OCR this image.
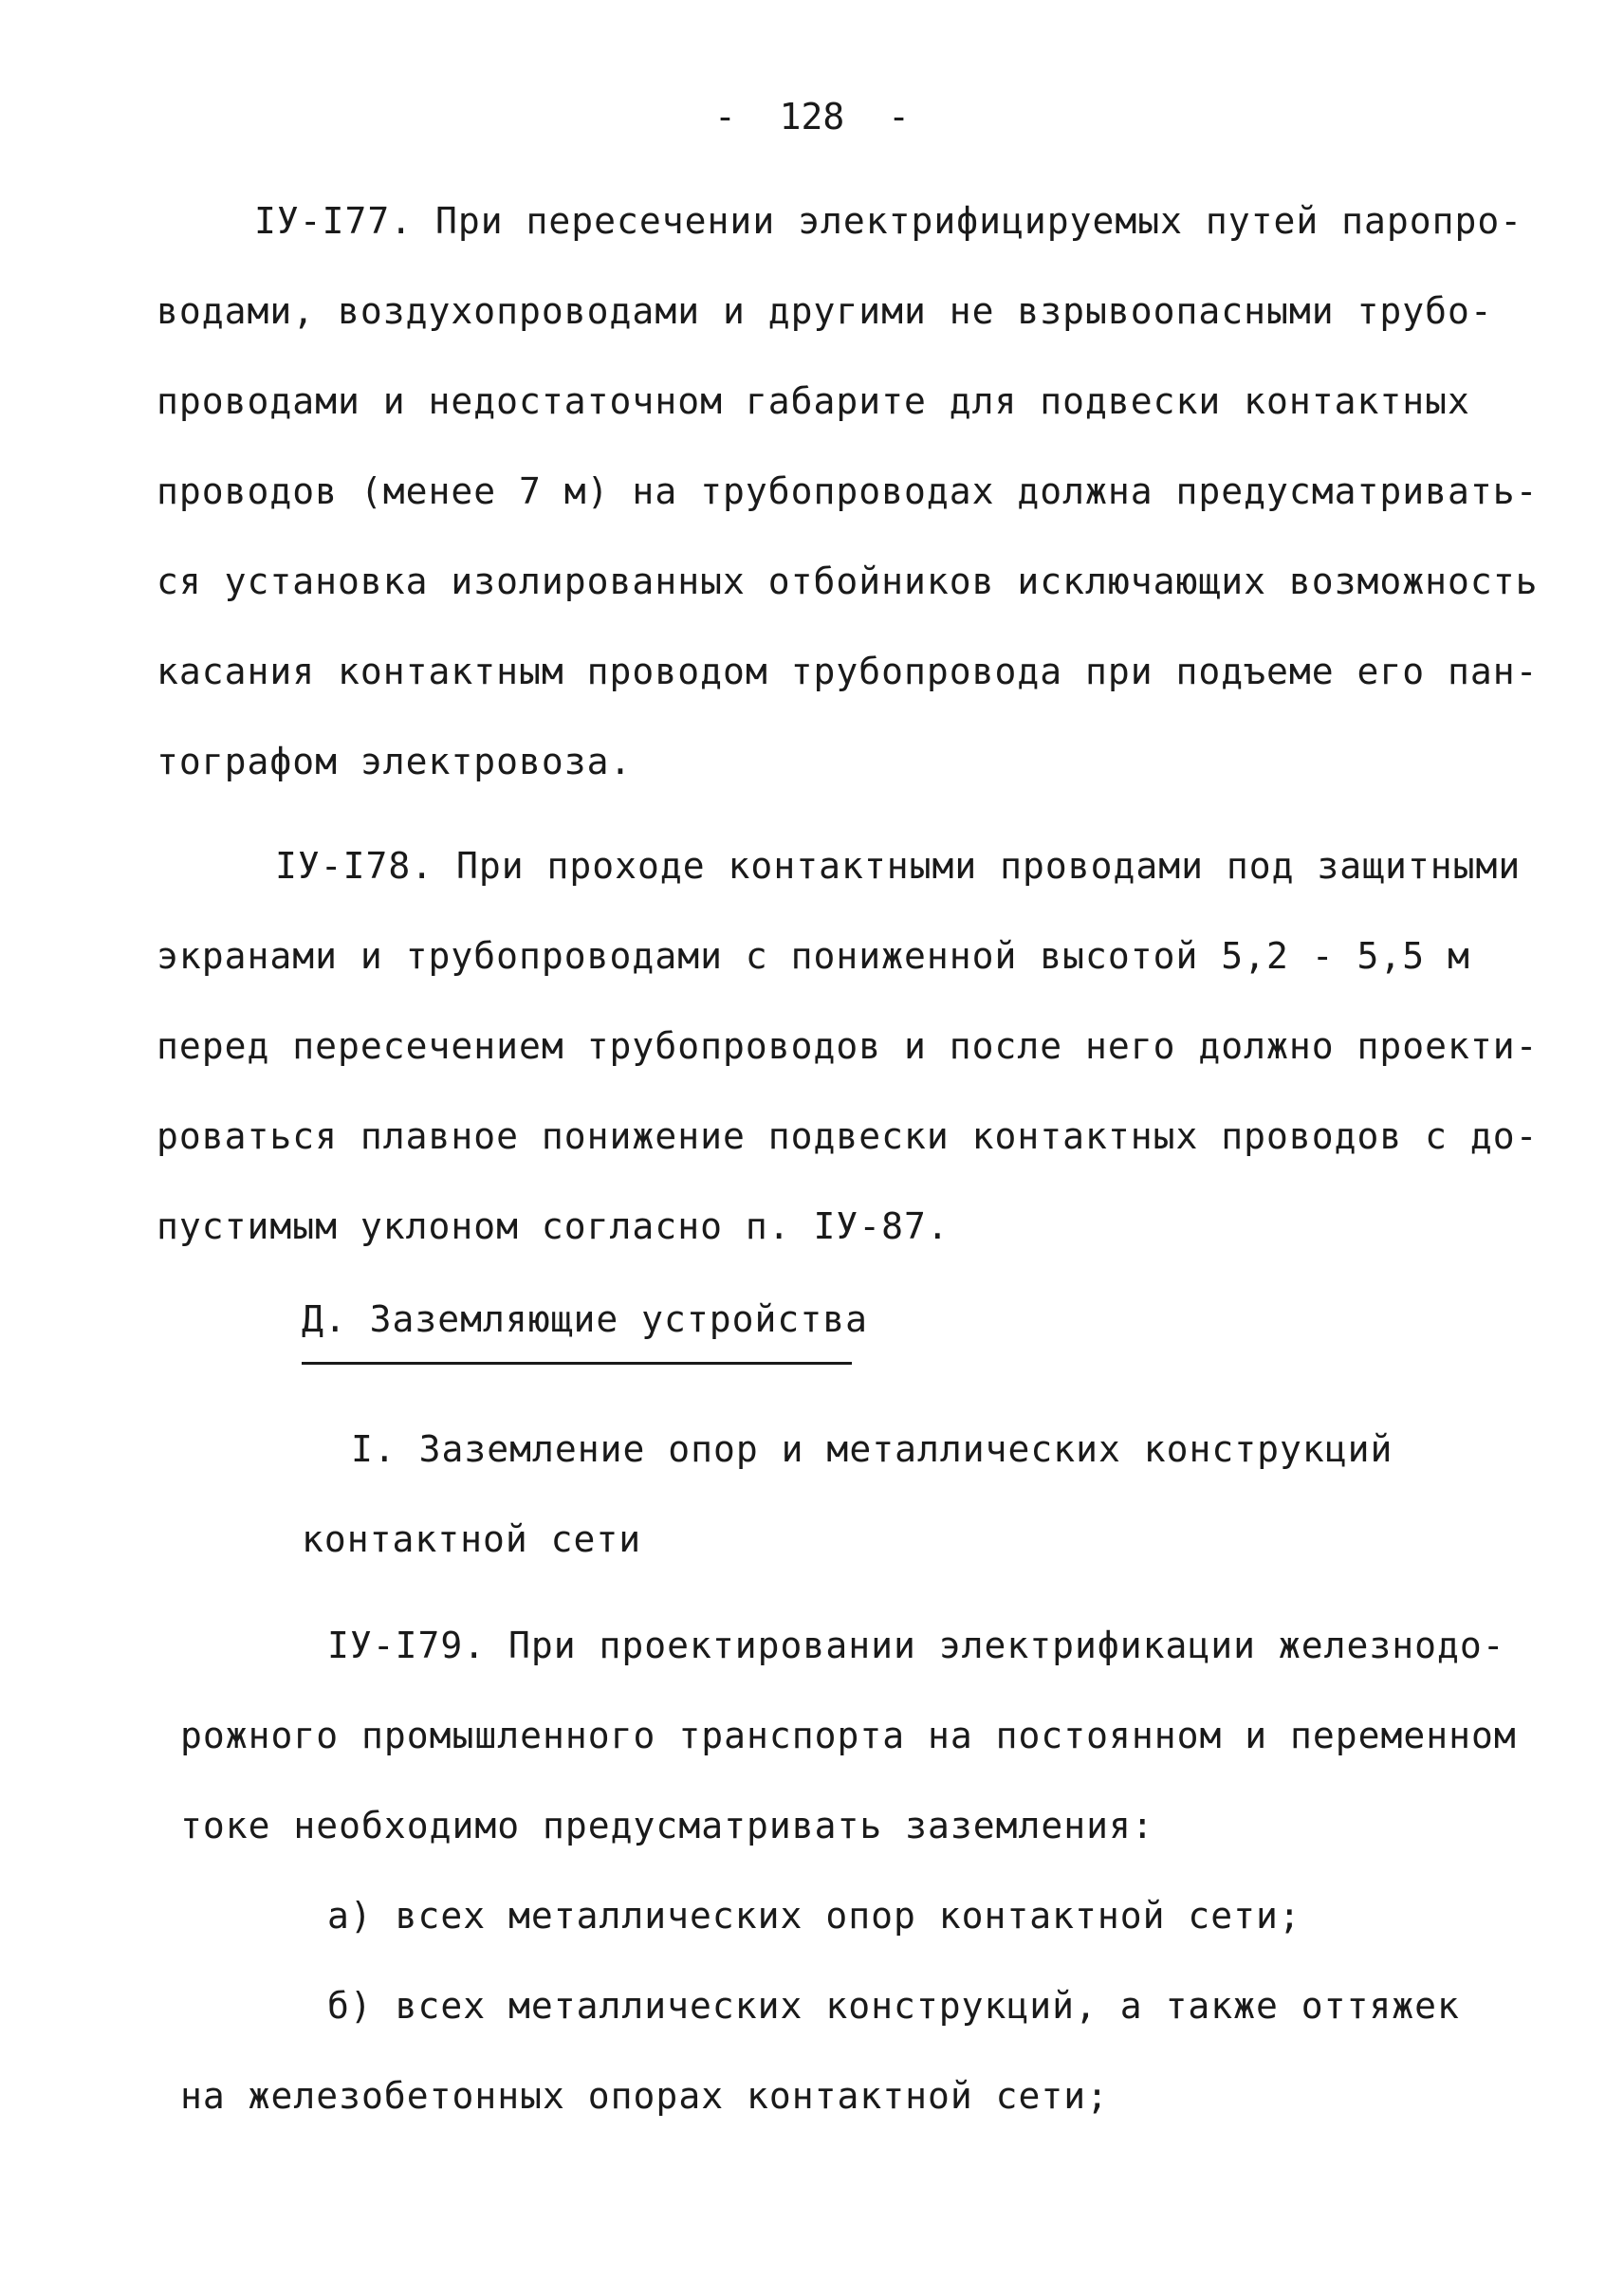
-  128  -
IУ-I77. При пересечении электрифицируемых путей паропро-
водами, воздухопроводами и другими не взрывоопасными трубо-
проводами и недостаточном габарите для подвески контактных
проводов (менее 7 м) на трубопроводах должна предусматривать-
ся установка изолированных отбойников исключающих возможность
касания контактным проводом трубопровода при подъеме его пан-
тографом электровоза.
IУ-I78. При проходе контактными проводами под защитными
экранами и трубопроводами с пониженной высотой 5,2 - 5,5 м
перед пересечением трубопроводов и после него должно проекти-
роваться плавное понижение подвески контактных проводов с до-
пустимым уклоном согласно п. IУ-87.
Д. Заземляющие устройства
I. Заземление опор и металлических конструкций
контактной сети
IУ-I79. При проектировании электрификации железнодо-
рожного промышленного транспорта на постоянном и переменном
токе необходимо предусматривать заземления:
а) всех металлических опор контактной сети;
б) всех металлических конструкций, а также оттяжек
на железобетонных опорах контактной сети;
